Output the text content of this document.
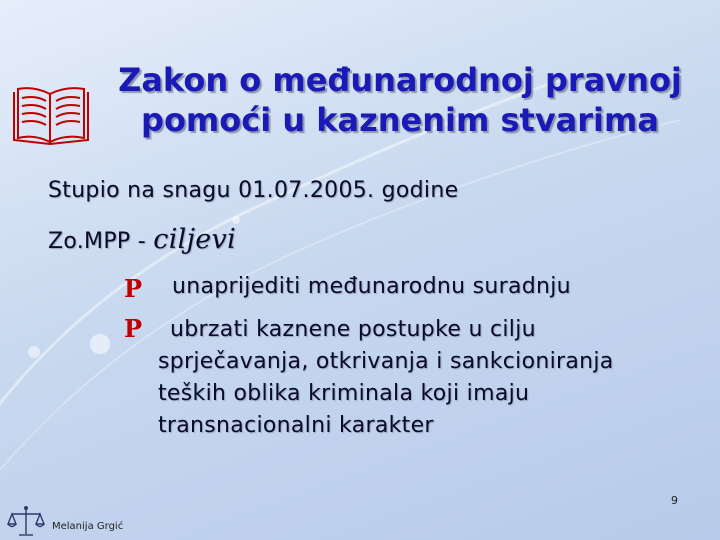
Zakon o međunarodnoj pravnoj
pomoći u kaznenim stvarima
Stupio na snagu 01.07.2005. godine
Zo.MPP - ciljevi
P unaprijediti međunarodnu suradnju
P	ubrzati kaznene postupke u cilju sprječavanja, otkrivanja i sankcioniranja teških oblika kriminala koji imaju transnacionalni karakter
9
Melanija Grgić
